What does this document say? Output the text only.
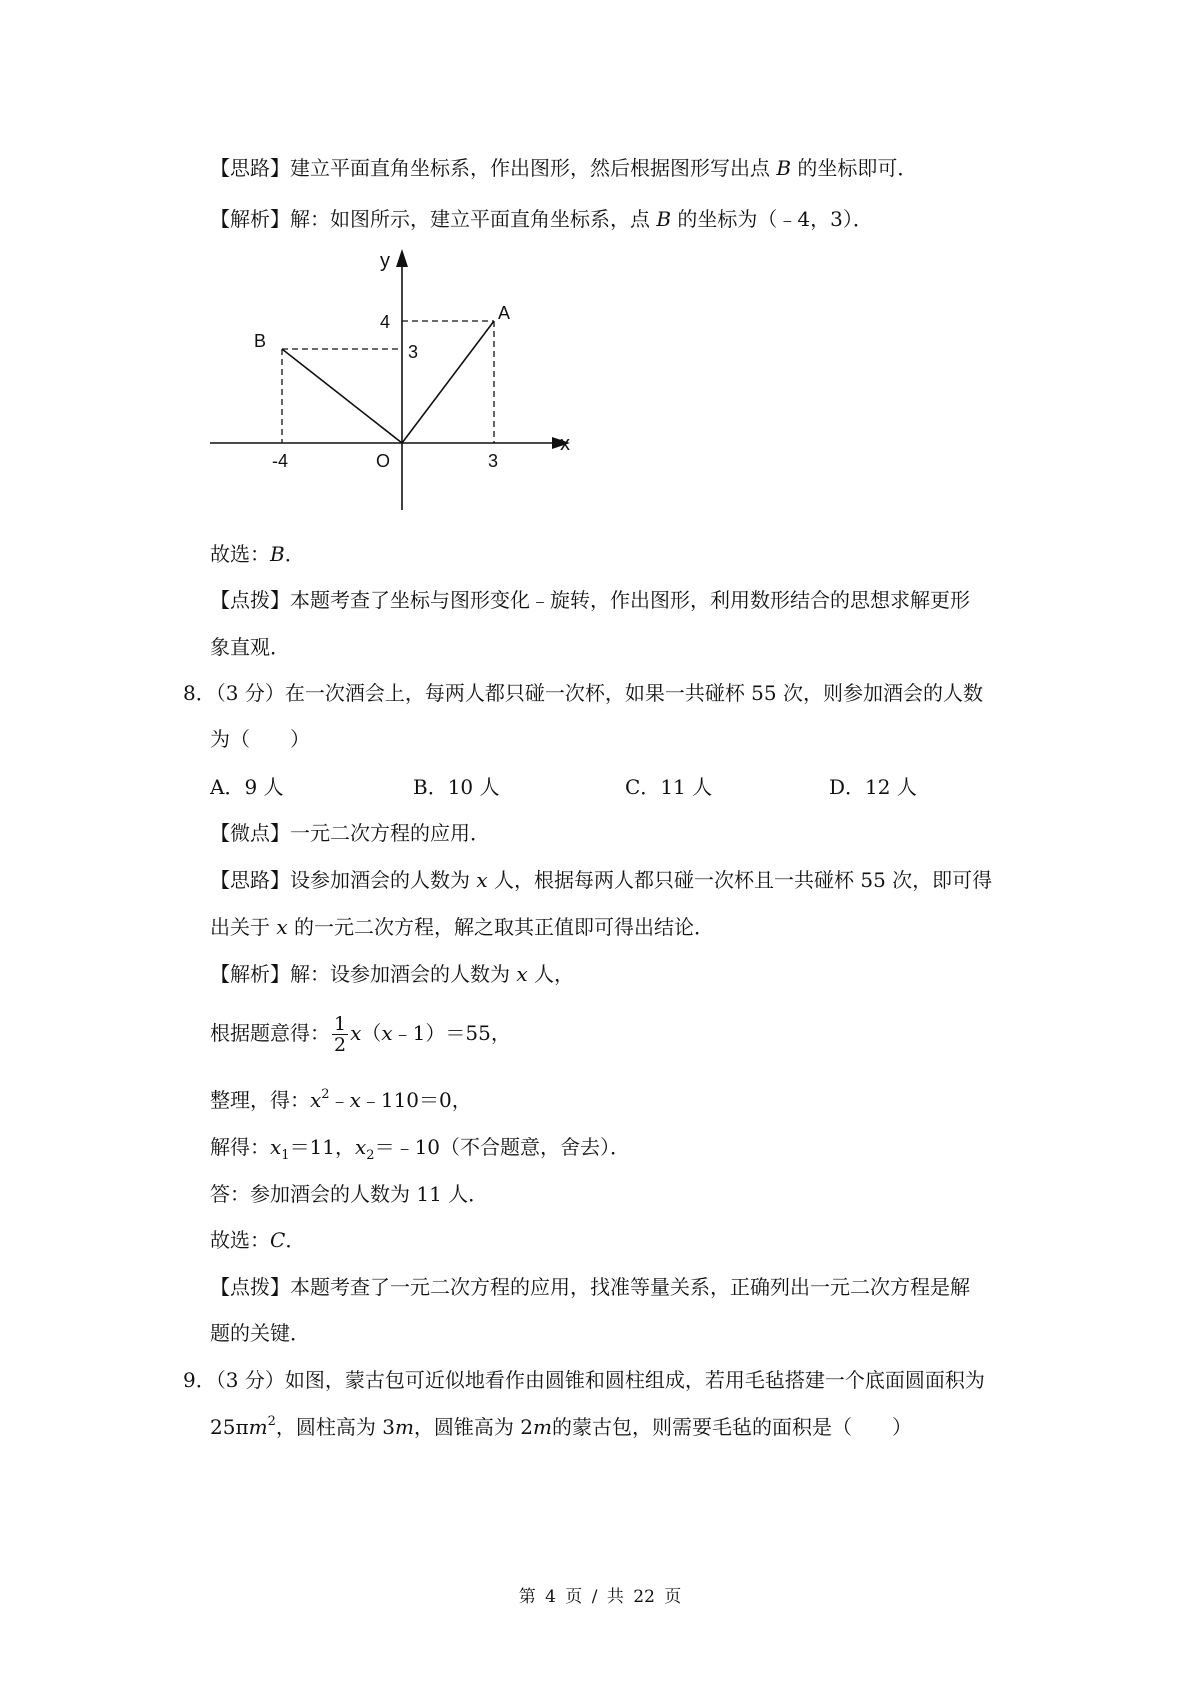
【思路】建立平面直角坐标系，作出图形，然后根据图形写出点 B 的坐标即可．
【解析】解：如图所示，建立平面直角坐标系，点 B 的坐标为（﹣4，3）．
y
x
O
A
B
4
3
-4	3
故选：B．
【点拨】本题考查了坐标与图形变化﹣旋转，作出图形，利用数形结合的思想求解更形
象直观．
8．（3 分）在一次酒会上，每两人都只碰一次杯，如果一共碰杯 55 次，则参加酒会的人数
为（　　）
A．9 人	B．10 人	C．11 人	D．12 人
【微点】一元二次方程的应用．
【思路】设参加酒会的人数为 x 人，根据每两人都只碰一次杯且一共碰杯 55 次，即可得
出关于 x 的一元二次方程，解之取其正值即可得出结论．
【解析】解：设参加酒会的人数为 x 人，
根据题意得： $\frac{1}{2}$ x（x﹣1）＝55，
整理，得：$x^2﹣x﹣110=0$，
解得：$x_1=11$，$x_2=﹣10$（不合题意，舍去）．
答：参加酒会的人数为 11 人．
故选：C．
【点拨】本题考查了一元二次方程的应用，找准等量关系，正确列出一元二次方程是解
题的关键．
9．（3 分）如图，蒙古包可近似地看作由圆锥和圆柱组成，若用毛毡搭建一个底面圆面积为
$25\pi m^2$，圆柱高为 3m，圆锥高为 2m的蒙古包，则需要毛毡的面积是（　　）
第 4 页 / 共 22 页
